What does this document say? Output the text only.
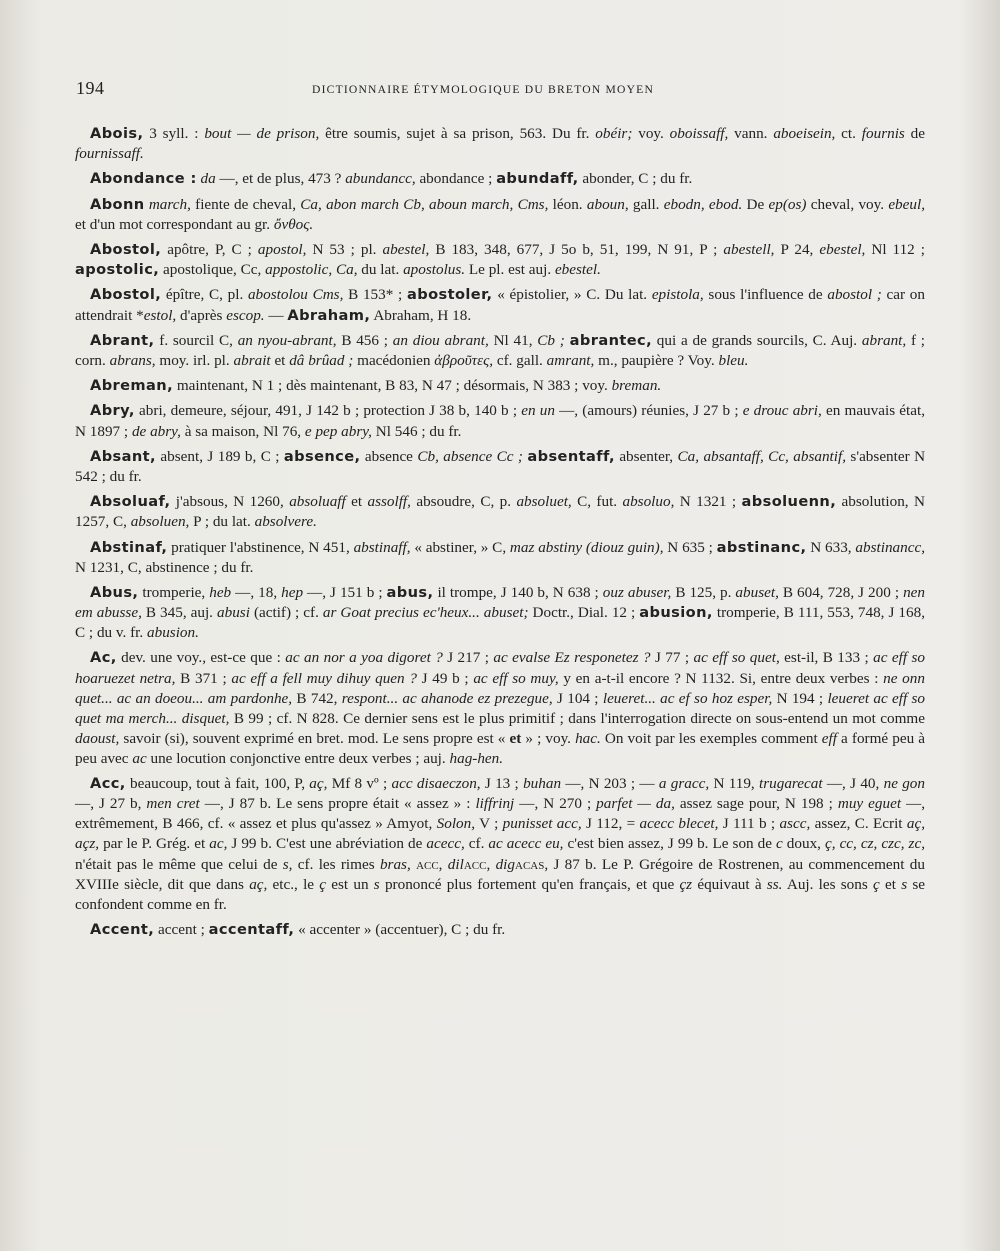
194	DICTIONNAIRE ÉTYMOLOGIQUE DU BRETON MOYEN

Abois, 3 syll. : bout — de prison, être soumis, sujet à sa prison, 563. Du fr. obéir; voy. oboissaff, vann. aboeisein, ct. fournis de fournissaff.

Abondance : da —, et de plus, 473 ? abundancc, abondance ; abundaff, abonder, C ; du fr.

Abonn march, fiente de cheval, Ca, abon march Cb, aboun march, Cms, léon. aboun, gall. ebodn, ebod. De ep(os) cheval, voy. ebeul, et d'un mot correspondant au gr. ὄνθος.

Abostol, apôtre, P, C ; apostol, N 53 ; pl. abestel, B 183, 348, 677, J 5o b, 51, 199, N 91, P ; abestell, P 24, ebestel, Nl 112 ; apostolic, apostolique, Cc, appostolic, Ca, du lat. apostolus. Le pl. est auj. ebestel.

Abostol, épître, C, pl. abostolou Cms, B 153* ; abostoler, « épistolier, » C. Du lat. epistola, sous l'influence de abostol ; car on attendrait *estol, d'après escop. — Abraham, Abraham, H 18.

Abrant, f. sourcil C, an nyou-abrant, B 456 ; an diou abrant, Nl 41, Cb ; abrantec, qui a de grands sourcils, C. Auj. abrant, f ; corn. abrans, moy. irl. pl. abrait et dâ brûad ; macédonien ἀβροῦτες, cf. gall. amrant, m., paupière ? Voy. bleu.

Abreman, maintenant, N 1 ; dès maintenant, B 83, N 47 ; désormais, N 383 ; voy. breman.

Abry, abri, demeure, séjour, 491, J 142 b ; protection J 38 b, 140 b ; en un —, (amours) réunies, J 27 b ; e drouc abri, en mauvais état, N 1897 ; de abry, à sa maison, Nl 76, e pep abry, Nl 546 ; du fr.

Absant, absent, J 189 b, C ; absence, absence Cb, absence Cc ; absentaff, absenter, Ca, absantaff, Cc, absantif, s'absenter N 542 ; du fr.

Absoluaf, j'absous, N 1260, absoluaff et assolff, absoudre, C, p. absoluet, C, fut. absoluo, N 1321 ; absoluenn, absolution, N 1257, C, absoluen, P ; du lat. absolvere.

Abstinaf, pratiquer l'abstinence, N 451, abstinaff, « abstiner, » C, maz abstiny (diouz guin), N 635 ; abstinanc, N 633, abstinancc, N 1231, C, abstinence ; du fr.

Abus, tromperie, heb —, 18, hep —, J 151 b ; abus, il trompe, J 140 b, N 638 ; ouz abuser, B 125, p. abuset, B 604, 728, J 200 ; nen em abusse, B 345, auj. abusi (actif) ; cf. ar Goat precius ec'heux... abuset; Doctr., Dial. 12 ; abusion, tromperie, B 111, 553, 748, J 168, C ; du v. fr. abusion.

Ac, dev. une voy., est-ce que : ac an nor a yoa digoret ? J 217 ; ac evalse Ez responetez ? J 77 ; ac eff so quet, est-il, B 133 ; ac eff so hoaruezet netra, B 371 ; ac eff a fell muy dihuy quen ? J 49 b ; ac eff so muy, y en a-t-il encore ? N 1132. Si, entre deux verbes : ne onn quet... ac an doeou... am pardonhe, B 742, respont... ac ahanode ez prezegue, J 104 ; leueret... ac ef so hoz esper, N 194 ; leueret ac eff so quet ma merch... disquet, B 99 ; cf. N 828. Ce dernier sens est le plus primitif ; dans l'interrogation directe on sous-entend un mot comme daoust, savoir (si), souvent exprimé en bret. mod. Le sens propre est « et » ; voy. hac. On voit par les exemples comment eff a formé peu à peu avec ac une locution conjonctive entre deux verbes ; auj. hag-hen.

Acc, beaucoup, tout à fait, 100, P, aç, Mf 8 vº ; acc disaeczon, J 13 ; buhan —, N 203 ; — a gracc, N 119, trugarecat —, J 40, ne gon —, J 27 b, men cret —, J 87 b. Le sens propre était « assez » : liffrinj —, N 270 ; parfet — da, assez sage pour, N 198 ; muy eguet —, extrêmement, B 466, cf. « assez et plus qu'assez » Amyot, Solon, V ; punisset acc, J 112, = acecc blecet, J 111 b ; ascc, assez, C. Ecrit aç, açz, par le P. Grég. et ac, J 99 b. C'est une abréviation de acecc, cf. ac acecc eu, c'est bien assez, J 99 b. Le son de c doux, ç, cc, cz, czc, zc, n'était pas le même que celui de s, cf. les rimes bras, acc, dilacc, digacas, J 87 b. Le P. Grégoire de Rostrenen, au commencement du XVIIIe siècle, dit que dans aç, etc., le ç est un s prononcé plus fortement qu'en français, et que çz équivaut à ss. Auj. les sons ç et s se confondent comme en fr.

Accent, accent ; accentaff, « accenter » (accentuer), C ; du fr.
